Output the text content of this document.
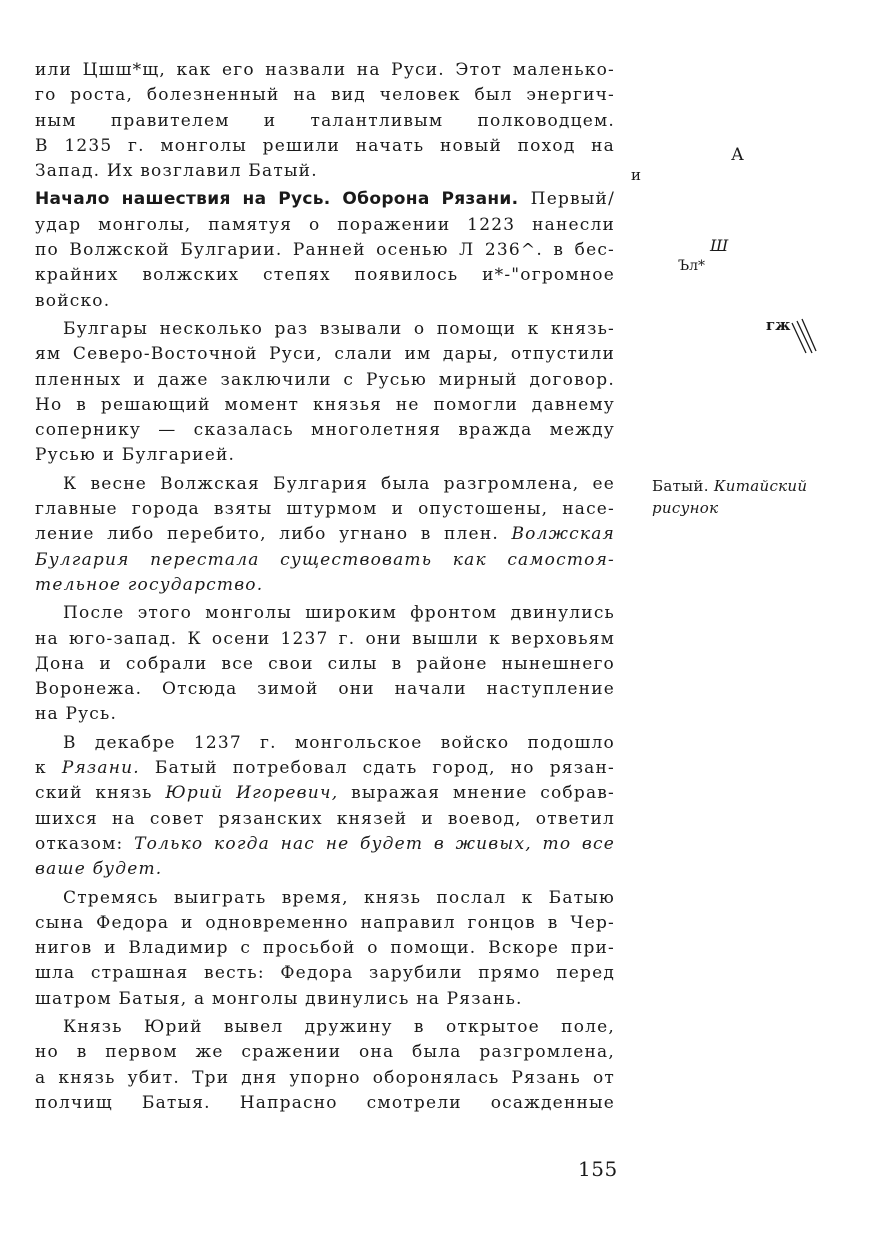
или Цшш*щ, как его назвали на Руси. Этот маленько-
го роста, болезненный на вид человек был энергич-
ным правителем и талантливым полководцем.
В 1235 г. монголы решили начать новый поход на
Запад. Их возглавил Батый.
Начало нашествия на Русь. Оборона Рязани. Первый/
удар монголы, памятуя о поражении 1223 нанесли
по Волжской Булгарии. Ранней осенью Л 236^. в бес-
крайних волжских степях появилось и*-"огромное
войско.
Булгары несколько раз взывали о помощи к князь-
ям Северо-Восточной Руси, слали им дары, отпустили
пленных и даже заключили с Русью мирный договор.
Но в решающий момент князья не помогли давнему
сопернику — сказалась многолетняя вражда между
Русью и Булгарией.
К весне Волжская Булгария была разгромлена, ее
главные города взяты штурмом и опустошены, насе-
ление либо перебито, либо угнано в плен. Волжская
Булгария перестала существовать как самостоя-
тельное государство.
После этого монголы широким фронтом двинулись
на юго-запад. К осени 1237 г. они вышли к верховьям
Дона и собрали все свои силы в районе нынешнего
Воронежа. Отсюда зимой они начали наступление
на Русь.
В декабре 1237 г. монгольское войско подошло
к Рязани. Батый потребовал сдать город, но рязан-
ский князь Юрий Игоревич, выражая мнение собрав-
шихся на совет рязанских князей и воевод, ответил
отказом: Только когда нас не будет в живых, то все
ваше будет.
Стремясь выиграть время, князь послал к Батыю
сына Федора и одновременно направил гонцов в Чер-
нигов и Владимир с просьбой о помощи. Вскоре при-
шла страшная весть: Федора зарубили прямо перед
шатром Батыя, а монголы двинулись на Рязань.
Князь Юрий вывел дружину в открытое поле,
но в первом же сражении она была разгромлена,
а князь убит. Три дня упорно оборонялась Рязань от
полчищ Батыя. Напрасно смотрели осажденные
А
и
Ш
Ъл*
гж
Батый. Китайский рисунок
155
